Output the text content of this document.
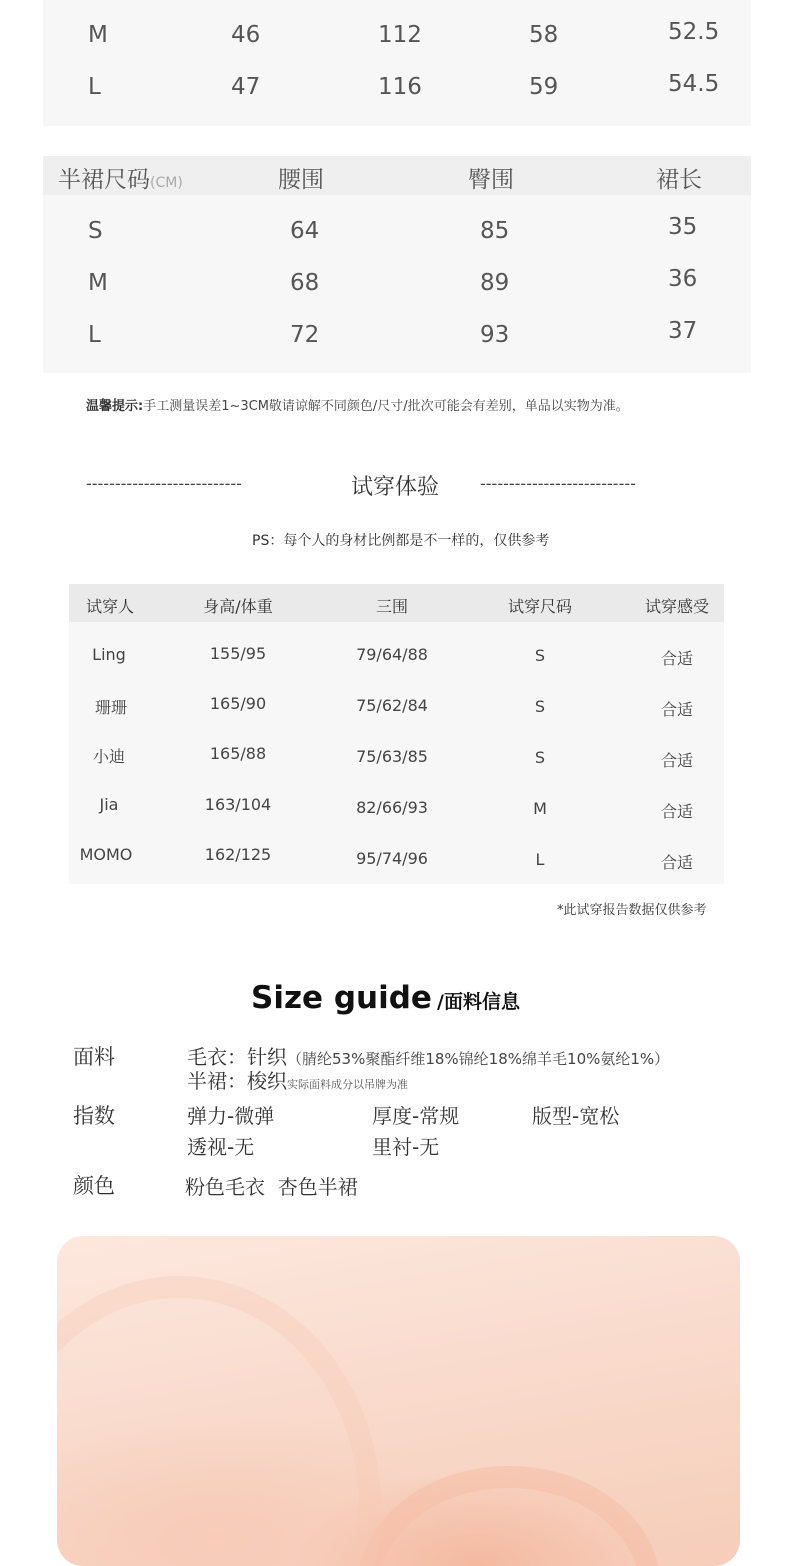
M	46	112	58	52.5
L	47	116	59	54.5
半裙尺码(CM)	腰围	臀围	裙长
S	64	85	35
M	68	89	36
L	72	93	37
温馨提示:手工测量误差1~3CM敬请谅解不同颜色/尺寸/批次可能会有差别，单品以实物为准。
---------------------------	试穿体验	---------------------------
PS：每个人的身材比例都是不一样的，仅供参考
试穿人	身高/体重	三围	试穿尺码	试穿感受
Ling	155/95	79/64/88	S	合适
珊珊	165/90	75/62/84	S	合适
小迪	165/88	75/63/85	S	合适
Jia	163/104	82/66/93	M	合适
MOMO	162/125	95/74/96	L	合适
*此试穿报告数据仅供参考
Size guide /面料信息
面料	毛衣：针织（腈纶53%聚酯纤维18%锦纶18%绵羊毛10%氨纶1%）
半裙：梭织实际面料成分以吊牌为准
指数	弹力-微弹	厚度-常规	版型-宽松
透视-无	里衬-无
颜色	粉色毛衣  杏色半裙
